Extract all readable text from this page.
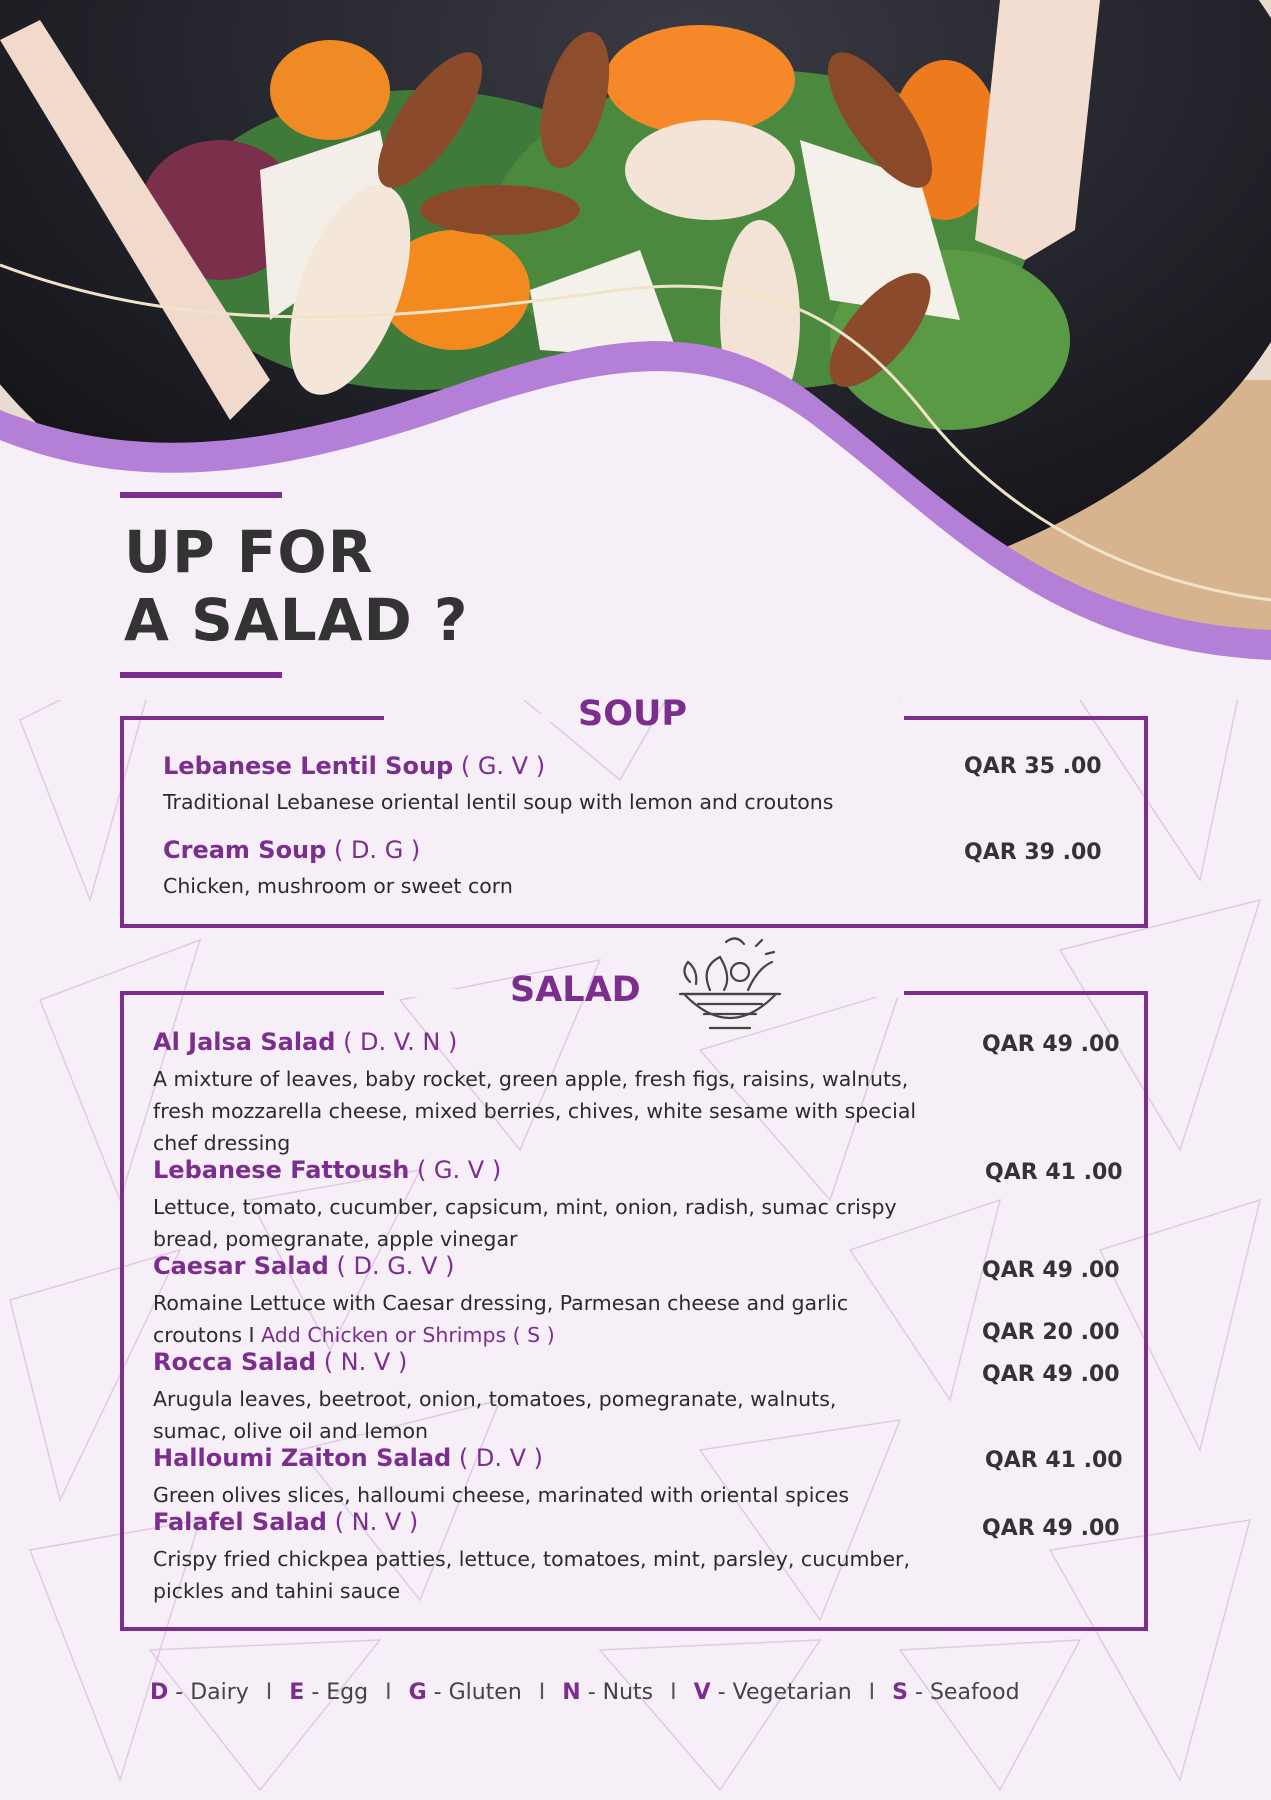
UP FOR
A SALAD ?
SOUP
Lebanese Lentil Soup ( G. V )
Traditional Lebanese oriental lentil soup with lemon and croutons
QAR 35 .00
Cream Soup ( D. G )
Chicken, mushroom or sweet corn
QAR 39 .00
SALAD
Al Jalsa Salad ( D. V. N )
A mixture of leaves, baby rocket, green apple, fresh figs, raisins, walnuts, fresh mozzarella cheese, mixed berries, chives, white sesame with special chef dressing
QAR 49 .00
Lebanese Fattoush ( G. V )
Lettuce, tomato, cucumber, capsicum, mint, onion, radish, sumac crispy bread, pomegranate, apple vinegar
QAR 41 .00
Caesar Salad ( D. G. V )
Romaine Lettuce with Caesar dressing, Parmesan cheese and garlic croutons I Add Chicken or Shrimps ( S )
QAR 49 .00
QAR 20 .00
Rocca Salad ( N. V )
Arugula leaves, beetroot, onion, tomatoes, pomegranate, walnuts, sumac, olive oil and lemon
QAR 49 .00
Halloumi Zaiton Salad ( D. V )
Green olives slices, halloumi cheese, marinated with oriental spices
QAR 41 .00
Falafel Salad ( N. V )
Crispy fried chickpea patties, lettuce, tomatoes, mint, parsley, cucumber, pickles and tahini sauce
QAR 49 .00
D - Dairy I E - Egg I G - Gluten I N - Nuts I V - Vegetarian I S - Seafood
